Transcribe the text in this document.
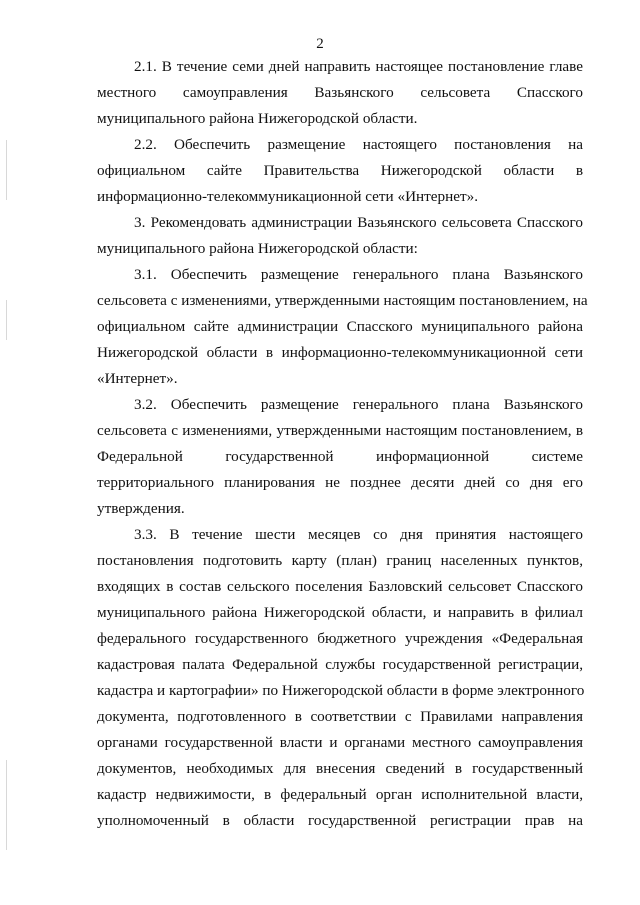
2

2.1. В течение семи дней направить настоящее постановление главе

местного самоуправления Вазьянского сельсовета Спасского

муниципального района Нижегородской области.

2.2. Обеспечить размещение настоящего постановления на

официальном сайте Правительства Нижегородской области в

информационно-телекоммуникационной сети «Интернет».

3. Рекомендовать администрации Вазьянского сельсовета Спасского

муниципального района Нижегородской области:

3.1. Обеспечить размещение генерального плана Вазьянского

сельсовета с изменениями, утвержденными настоящим постановлением, на

официальном сайте администрации Спасского муниципального района

Нижегородской области в информационно-телекоммуникационной сети

«Интернет».

3.2. Обеспечить размещение генерального плана Вазьянского

сельсовета с изменениями, утвержденными настоящим постановлением, в

Федеральной государственной информационной системе

территориального планирования не позднее десяти дней со дня его

утверждения.

3.3. В течение шести месяцев со дня принятия настоящего

постановления подготовить карту (план) границ населенных пунктов,

входящих в состав сельского поселения Базловский сельсовет Спасского

муниципального района Нижегородской области, и направить в филиал

федерального государственного бюджетного учреждения «Федеральная

кадастровая палата Федеральной службы государственной регистрации,

кадастра и картографии» по Нижегородской области в форме электронного

документа, подготовленного в соответствии с Правилами направления

органами государственной власти и органами местного самоуправления

документов, необходимых для внесения сведений в государственный

кадастр недвижимости, в федеральный орган исполнительной власти,

уполномоченный в области государственной регистрации прав на
